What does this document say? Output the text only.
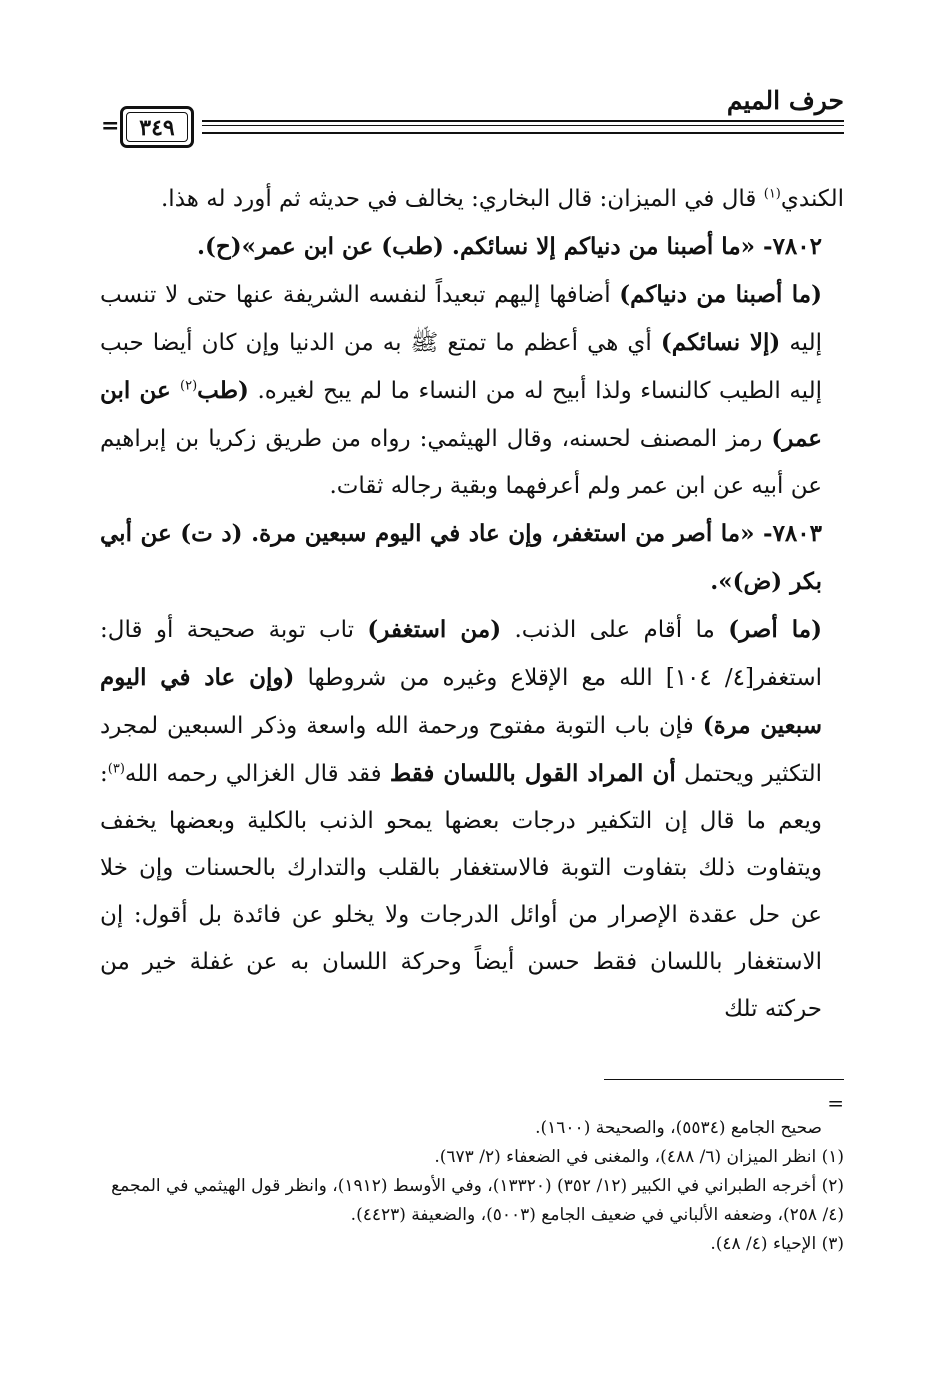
حرف الميم
٣٤٩
=

الكندي$^{(١)}$ قال في الميزان: قال البخاري: يخالف في حديثه ثم أورد له هذا.

٧٨٠٢- «ما أصبنا من دنياكم إلا نسائكم. (طب) عن ابن عمر»(ح).

(ما أصبنا من دنياكم) أضافها إليهم تبعيداً لنفسه الشريفة عنها حتى لا تنسب إليه (إلا نسائكم) أي هي أعظم ما تمتع ﷺ به من الدنيا وإن كان أيضا حبب إليه الطيب كالنساء ولذا أبيح له من النساء ما لم يبح لغيره. (طب$^{(٢)}$ عن ابن عمر) رمز المصنف لحسنه، وقال الهيثمي: رواه من طريق زكريا بن إبراهيم عن أبيه عن ابن عمر ولم أعرفهما وبقية رجاله ثقات.

٧٨٠٣- «ما أصر من استغفر، وإن عاد في اليوم سبعين مرة. (د ت) عن أبي بكر (ض)».

(ما أصر) ما أقام على الذنب. (من استغفر) تاب توبة صحيحة أو قال: استغفر[٤/ ١٠٤] الله مع الإقلاع وغيره من شروطها (وإن عاد في اليوم سبعين مرة) فإن باب التوبة مفتوح ورحمة الله واسعة وذكر السبعين لمجرد التكثير ويحتمل أن المراد القول باللسان فقط فقد قال الغزالي رحمه الله$^{(٣)}$: ويعم ما قال إن التكفير درجات بعضها يمحو الذنب بالكلية وبعضها يخفف ويتفاوت ذلك بتفاوت التوبة فالاستغفار بالقلب والتدارك بالحسنات وإن خلا عن حل عقدة الإصرار من أوائل الدرجات ولا يخلو عن فائدة بل أقول: إن الاستغفار باللسان فقط حسن أيضاً وحركة اللسان به عن غفلة خير من حركته تلك

=

صحيح الجامع (٥٥٣٤)، والصحيحة (١٦٠٠).

(١) انظر الميزان (٦/ ٤٨٨)، والمغنى في الضعفاء (٢/ ٦٧٣).

(٢) أخرجه الطبراني في الكبير (١٢/ ٣٥٢) (١٣٣٢٠)، وفي الأوسط (١٩١٢)، وانظر قول الهيثمي في المجمع (٤/ ٢٥٨)، وضعفه الألباني في ضعيف الجامع (٥٠٠٣)، والضعيفة (٤٤٢٣).

(٣) الإحياء (٤/ ٤٨).
